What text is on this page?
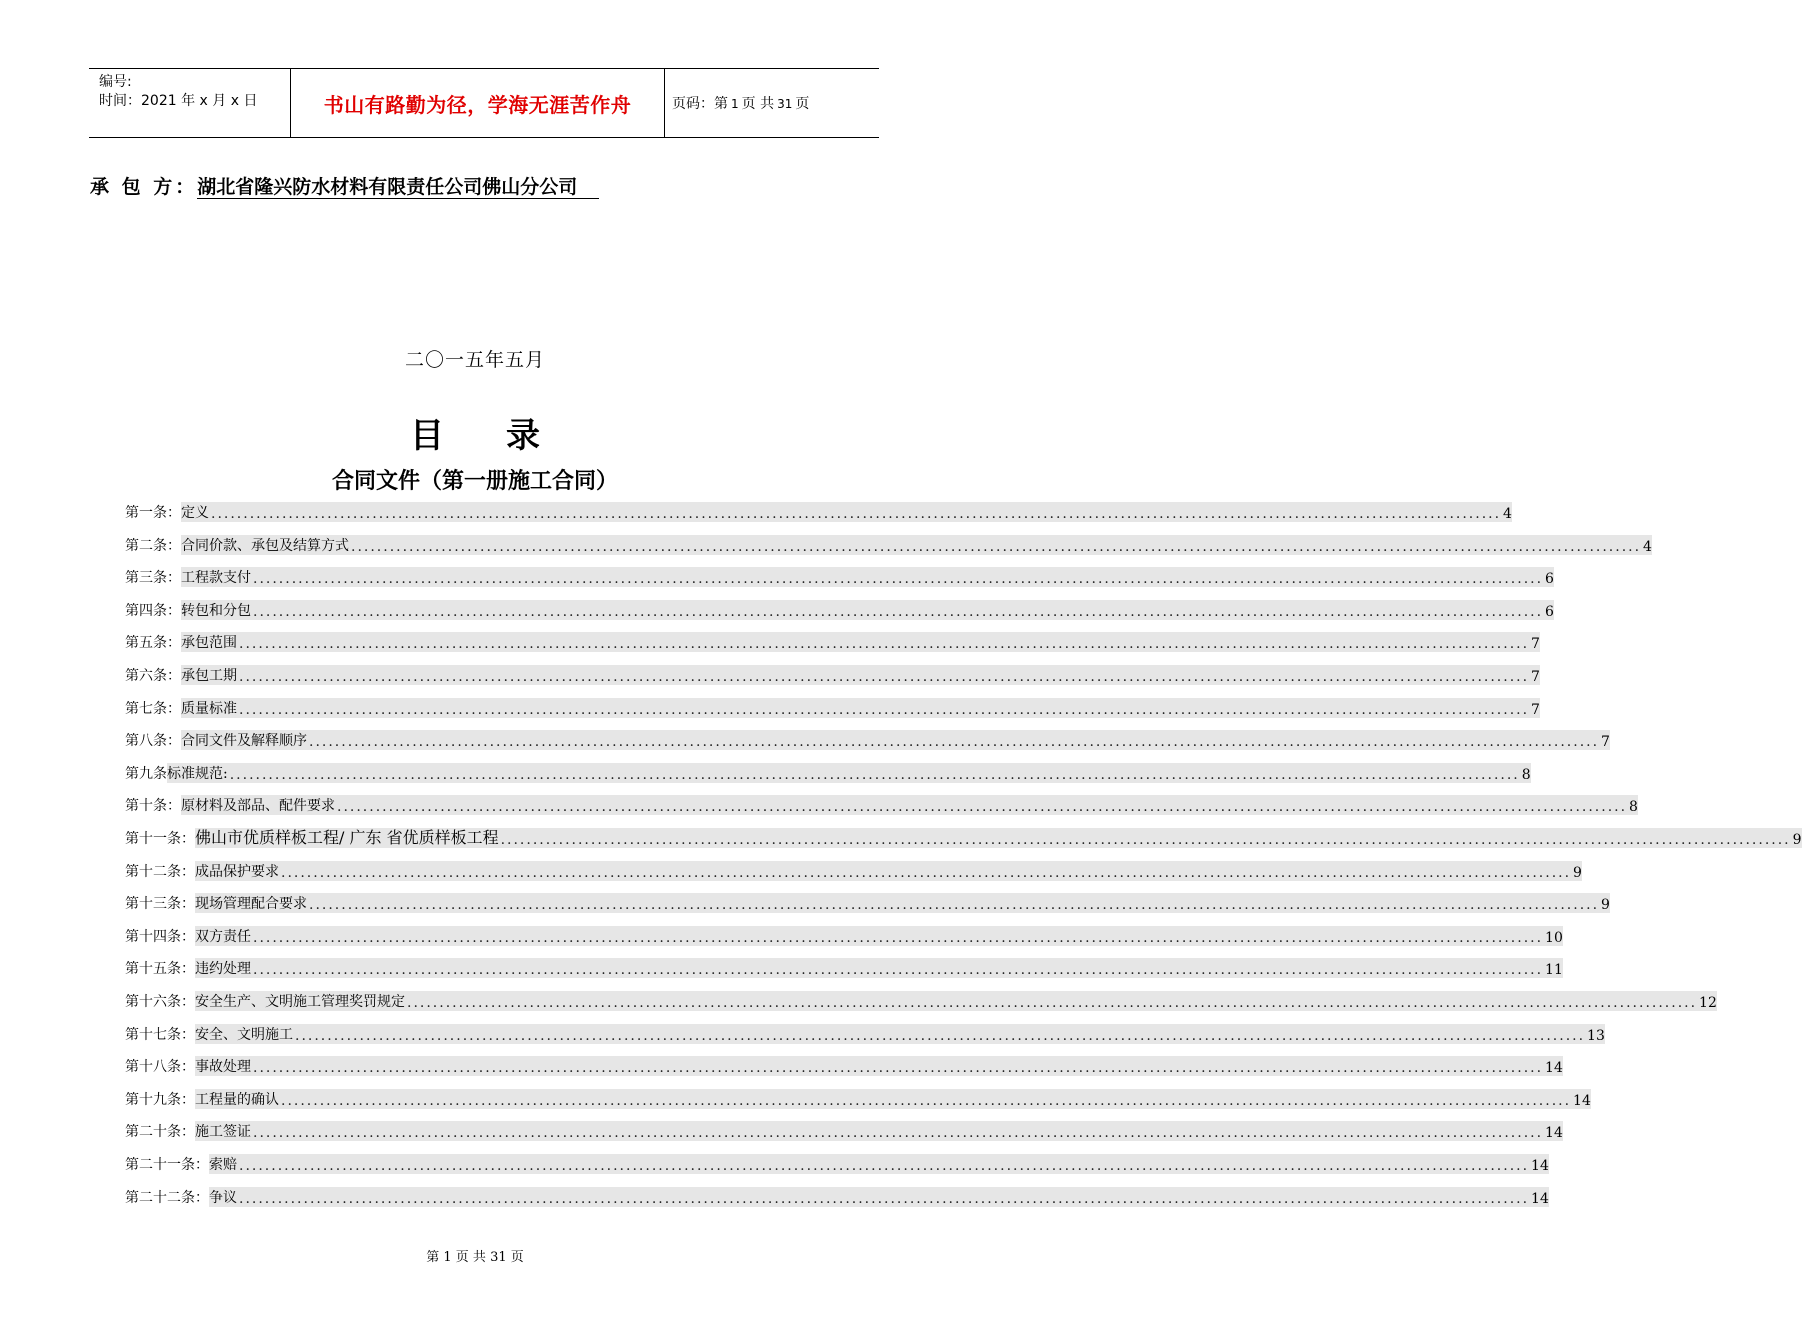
编号:
时间：2021 年 x 月 x 日	书山有路勤为径，学海无涯苦作舟	页码：第 1 页 共 31 页
承 包 方：湖北省隆兴防水材料有限责任公司佛山分公司
二〇一五年五月
目 录
合同文件（第一册施工合同）
第一条： 定义 ........................................................................................................................................................................................................ 4
第二条： 合同价款、承包及结算方式 ........................................................................................................................................................................................................ 4
第三条： 工程款支付 ........................................................................................................................................................................................................ 6
第四条： 转包和分包 ........................................................................................................................................................................................................ 6
第五条： 承包范围 ........................................................................................................................................................................................................ 7
第六条： 承包工期 ........................................................................................................................................................................................................ 7
第七条： 质量标准 ........................................................................................................................................................................................................ 7
第八条： 合同文件及解释顺序 ........................................................................................................................................................................................................ 7
第九条 标准规范: ........................................................................................................................................................................................................ 8
第十条： 原材料及部品、配件要求 ........................................................................................................................................................................................................ 8
第十一条： 佛山市优质样板工程/ 广东 省优质样板工程 ........................................................................................................................................................................................................ 9
第十二条： 成品保护要求 ........................................................................................................................................................................................................ 9
第十三条： 现场管理配合要求 ........................................................................................................................................................................................................ 9
第十四条： 双方责任 ........................................................................................................................................................................................................ 10
第十五条： 违约处理 ........................................................................................................................................................................................................ 11
第十六条： 安全生产、文明施工管理奖罚规定 ........................................................................................................................................................................................................ 12
第十七条： 安全、文明施工 ........................................................................................................................................................................................................ 13
第十八条： 事故处理 ........................................................................................................................................................................................................ 14
第十九条： 工程量的确认 ........................................................................................................................................................................................................ 14
第二十条： 施工签证 ........................................................................................................................................................................................................ 14
第二十一条： 索赔 ........................................................................................................................................................................................................ 14
第二十二条： 争议 ........................................................................................................................................................................................................ 14
第 1 页 共 31 页
